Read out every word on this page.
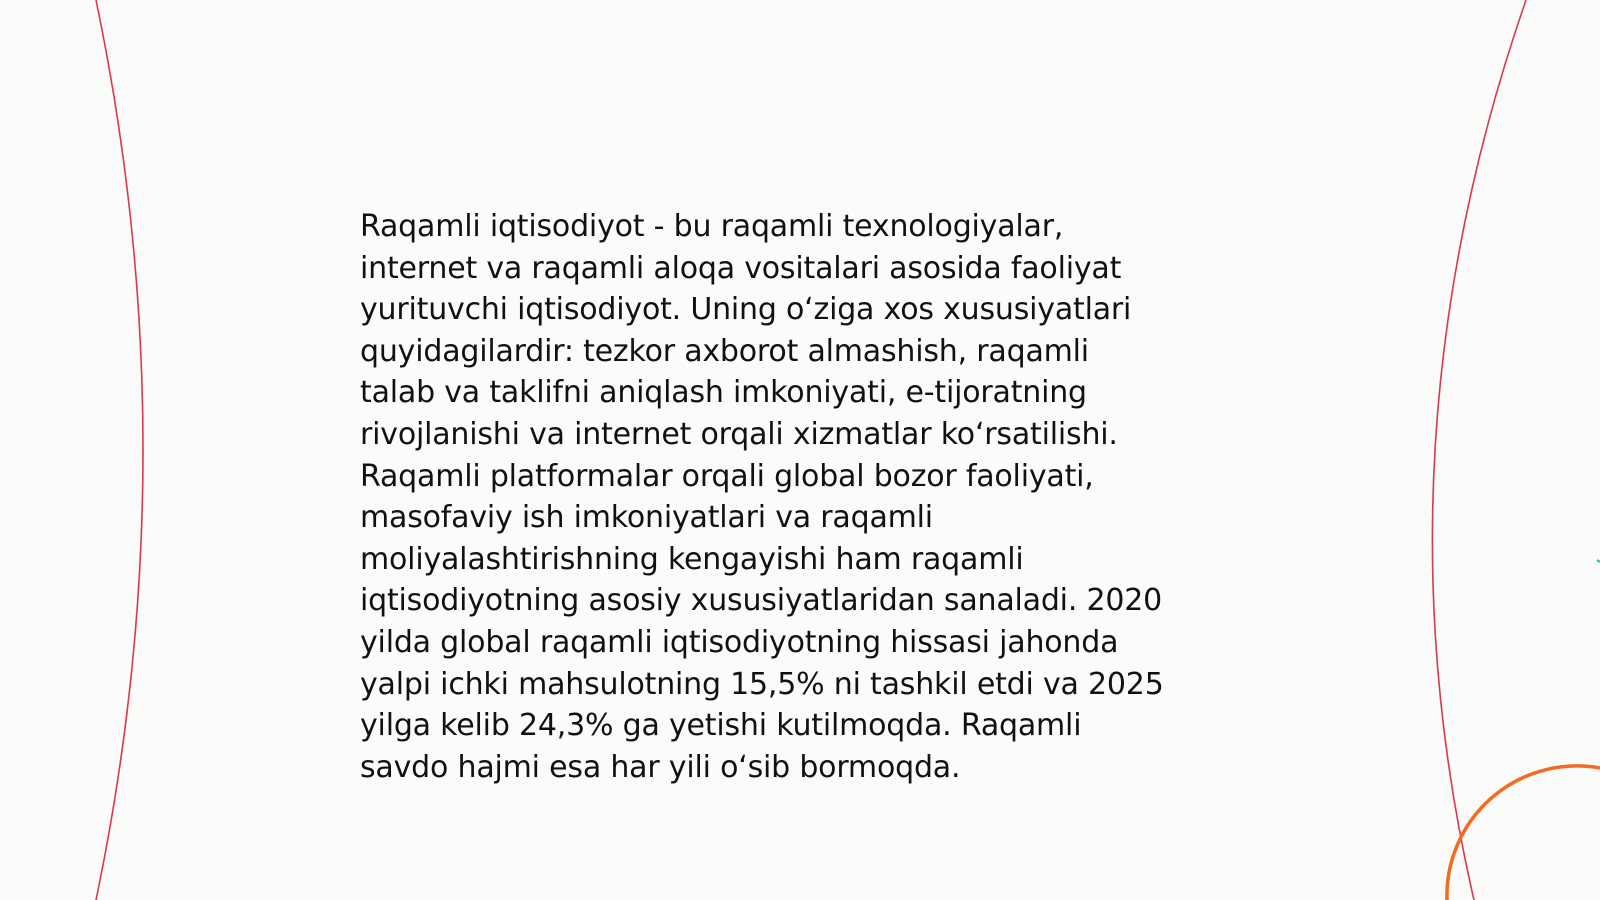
Raqamli iqtisodiyot - bu raqamli texnologiyalar,
internet va raqamli aloqa vositalari asosida faoliyat
yurituvchi iqtisodiyot. Uning oʻziga xos xususiyatlari
quyidagilardir: tezkor axborot almashish, raqamli
talab va taklifni aniqlash imkoniyati, e-tijoratning
rivojlanishi va internet orqali xizmatlar koʻrsatilishi.
Raqamli platformalar orqali global bozor faoliyati,
masofaviy ish imkoniyatlari va raqamli
moliyalashtirishning kengayishi ham raqamli
iqtisodiyotning asosiy xususiyatlaridan sanaladi. 2020
yilda global raqamli iqtisodiyotning hissasi jahonda
yalpi ichki mahsulotning 15,5% ni tashkil etdi va 2025
yilga kelib 24,3% ga yetishi kutilmoqda. Raqamli
savdo hajmi esa har yili oʻsib bormoqda.
